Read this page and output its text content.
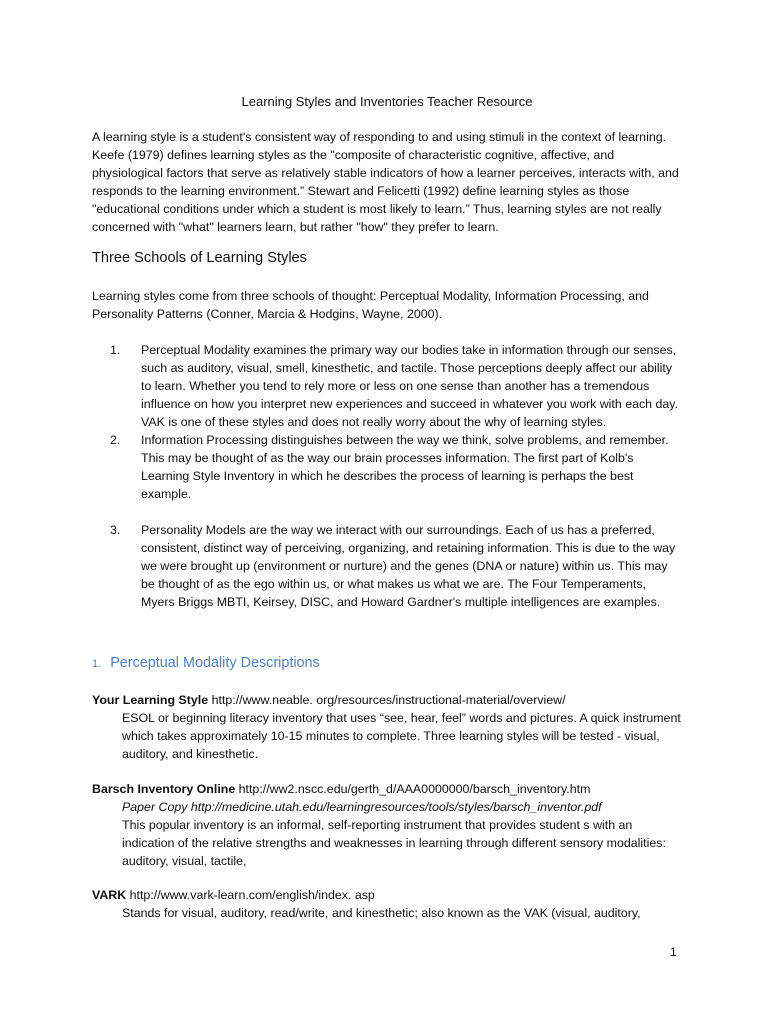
Learning Styles and Inventories Teacher Resource
A learning style is a student's consistent way of responding to and using stimuli in the context of learning. Keefe (1979) defines learning styles as the "composite of characteristic cognitive, affective, and physiological factors that serve as relatively stable indicators of how a learner perceives, interacts with, and responds to the learning environment.” Stewart and Felicetti (1992) define learning styles as those "educational conditions under which a student is most likely to learn.” Thus, learning styles are not really concerned with "what" learners learn, but rather "how" they prefer to learn.
Three Schools of Learning Styles
Learning styles come from three schools of thought: Perceptual Modality, Information Processing, and Personality Patterns (Conner, Marcia & Hodgins, Wayne, 2000).
1. Perceptual Modality examines the primary way our bodies take in information through our senses, such as auditory, visual, smell, kinesthetic, and tactile. Those perceptions deeply affect our ability to learn. Whether you tend to rely more or less on one sense than another has a tremendous influence on how you interpret new experiences and succeed in whatever you work with each day. VAK is one of these styles and does not really worry about the why of learning styles.
2. Information Processing distinguishes between the way we think, solve problems, and remember. This may be thought of as the way our brain processes information. The first part of Kolb's Learning Style Inventory in which he describes the process of learning is perhaps the best example.
3. Personality Models are the way we interact with our surroundings. Each of us has a preferred, consistent, distinct way of perceiving, organizing, and retaining information. This is due to the way we were brought up (environment or nurture) and the genes (DNA or nature) within us. This may be thought of as the ego within us, or what makes us what we are. The Four Temperaments, Myers Briggs MBTI, Keirsey, DISC, and Howard Gardner's multiple intelligences are examples.
1. Perceptual Modality Descriptions
Your Learning Style http://www.neable. org/resources/instructional-material/overview/
ESOL or beginning literacy inventory that uses “see, hear, feel” words and pictures. A quick instrument which takes approximately 10-15 minutes to complete. Three learning styles will be tested - visual, auditory, and kinesthetic.
Barsch Inventory Online http://ww2.nscc.edu/gerth_d/AAA0000000/barsch_inventory.htm
Paper Copy http://medicine.utah.edu/learningresources/tools/styles/barsch_inventor.pdf
This popular inventory is an informal, self-reporting instrument that provides student s with an indication of the relative strengths and weaknesses in learning through different sensory modalities: auditory, visual, tactile,
VARK http://www.vark-learn.com/english/index. asp
Stands for visual, auditory, read/write, and kinesthetic; also known as the VAK (visual, auditory,
1
